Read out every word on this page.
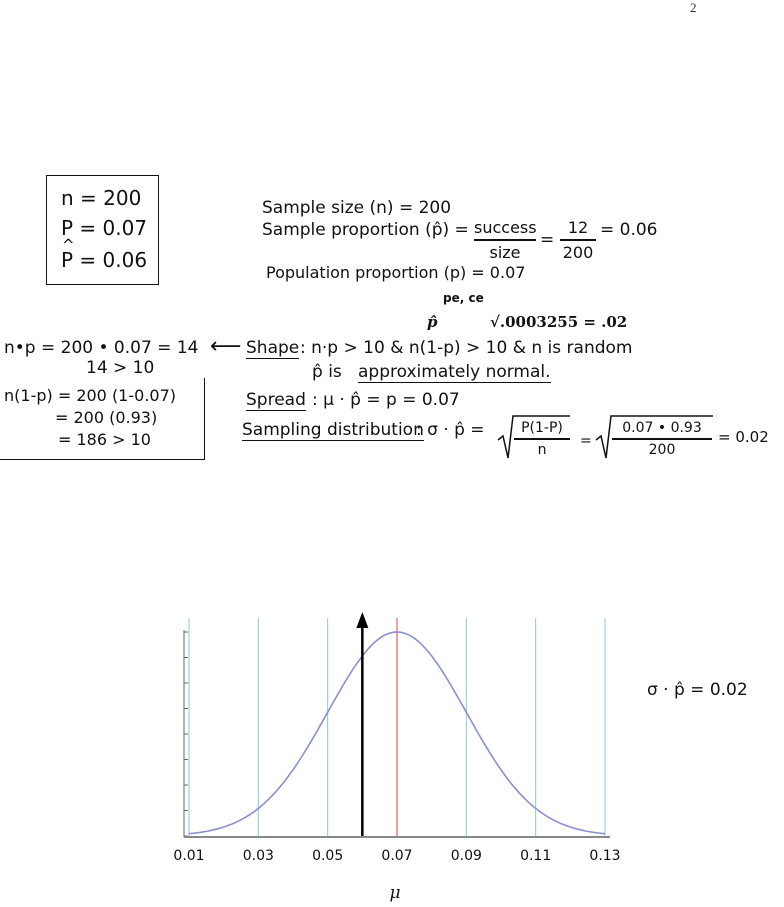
2
n = 200
P = 0.07
^ P = 0.06
Sample size (n) = 200
Sample proportion (p̂) = success
size
=
12
200
= 0.06
Population proportion (p) = 0.07
pe, ce
p̂	√.0003255 = .02
n•p = 200 • 0.07 = 14
14 > 10
n(1-p) = 200 (1-0.07)
= 200 (0.93)
= 186 > 10
⟵ Shape : n·p > 10 & n(1-p) > 10 & n is random
p̂ is approximately normal.
Spread : μ · p̂ = p = 0.07
Sampling distribution
: σ · p̂ =	P(1-P)
n
=
0.07 • 0.93
200
= 0.02
σ · p̂ = 0.02
0.01	0.03	0.05	0.07	0.09	0.11	0.13
μ
